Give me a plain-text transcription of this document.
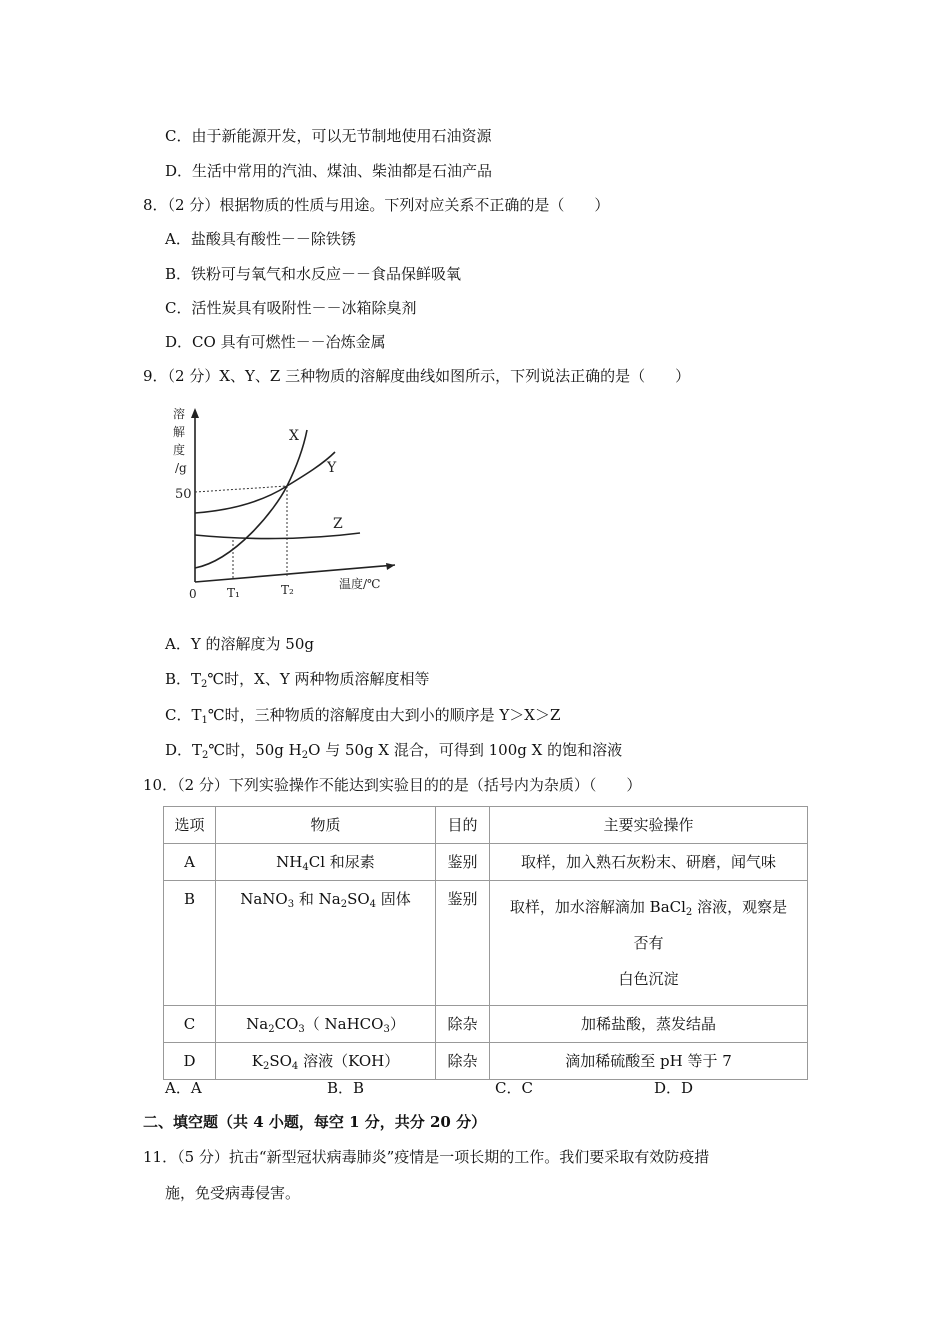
C．由于新能源开发，可以无节制地使用石油资源
D．生活中常用的汽油、煤油、柴油都是石油产品
8．（2 分）根据物质的性质与用途。下列对应关系不正确的是（　　）
A．盐酸具有酸性－－除铁锈
B．铁粉可与氧气和水反应－－食品保鲜吸氧
C．活性炭具有吸附性－－冰箱除臭剂
D．CO 具有可燃性－－冶炼金属
9．（2 分）X、Y、Z 三种物质的溶解度曲线如图所示，下列说法正确的是（　　）
溶
解
度
/g
50
X
Y
Z
0	T₁	T₂	温度/℃
A．Y 的溶解度为 50g
B．$T_2℃$时，X、Y 两种物质溶解度相等
C．$T_1℃$时，三种物质的溶解度由大到小的顺序是 Y＞X＞Z
D．$T_2℃$时，50g $H_2O$ 与 50g X 混合，可得到 100g X 的饱和溶液
10．（2 分）下列实验操作不能达到实验目的的是（括号内为杂质）（　　）
选项	物质	目的	主要实验操作
A	$NH_4Cl$ 和尿素	鉴别	取样，加入熟石灰粉末、研磨，闻气味
B	NaNO$_3$ 和 $Na_2SO_4$ 固体	鉴别	取样，加水溶解滴加 BaCl$_2$ 溶液，观察是
否有
白色沉淀
C	$Na_2CO_3$（ NaHCO$_3$）	除杂	加稀盐酸，蒸发结晶
D	$K_2SO_4$ 溶液（KOH）	除杂	滴加稀硫酸至 pH 等于 7
A．A	B．B	C．C	D．D
二、填空题（共 4 小题，每空 1 分，共分 20 分）
11．（5 分）抗击“新型冠状病毒肺炎”疫情是一项长期的工作。我们要采取有效防疫措
施，免受病毒侵害。
